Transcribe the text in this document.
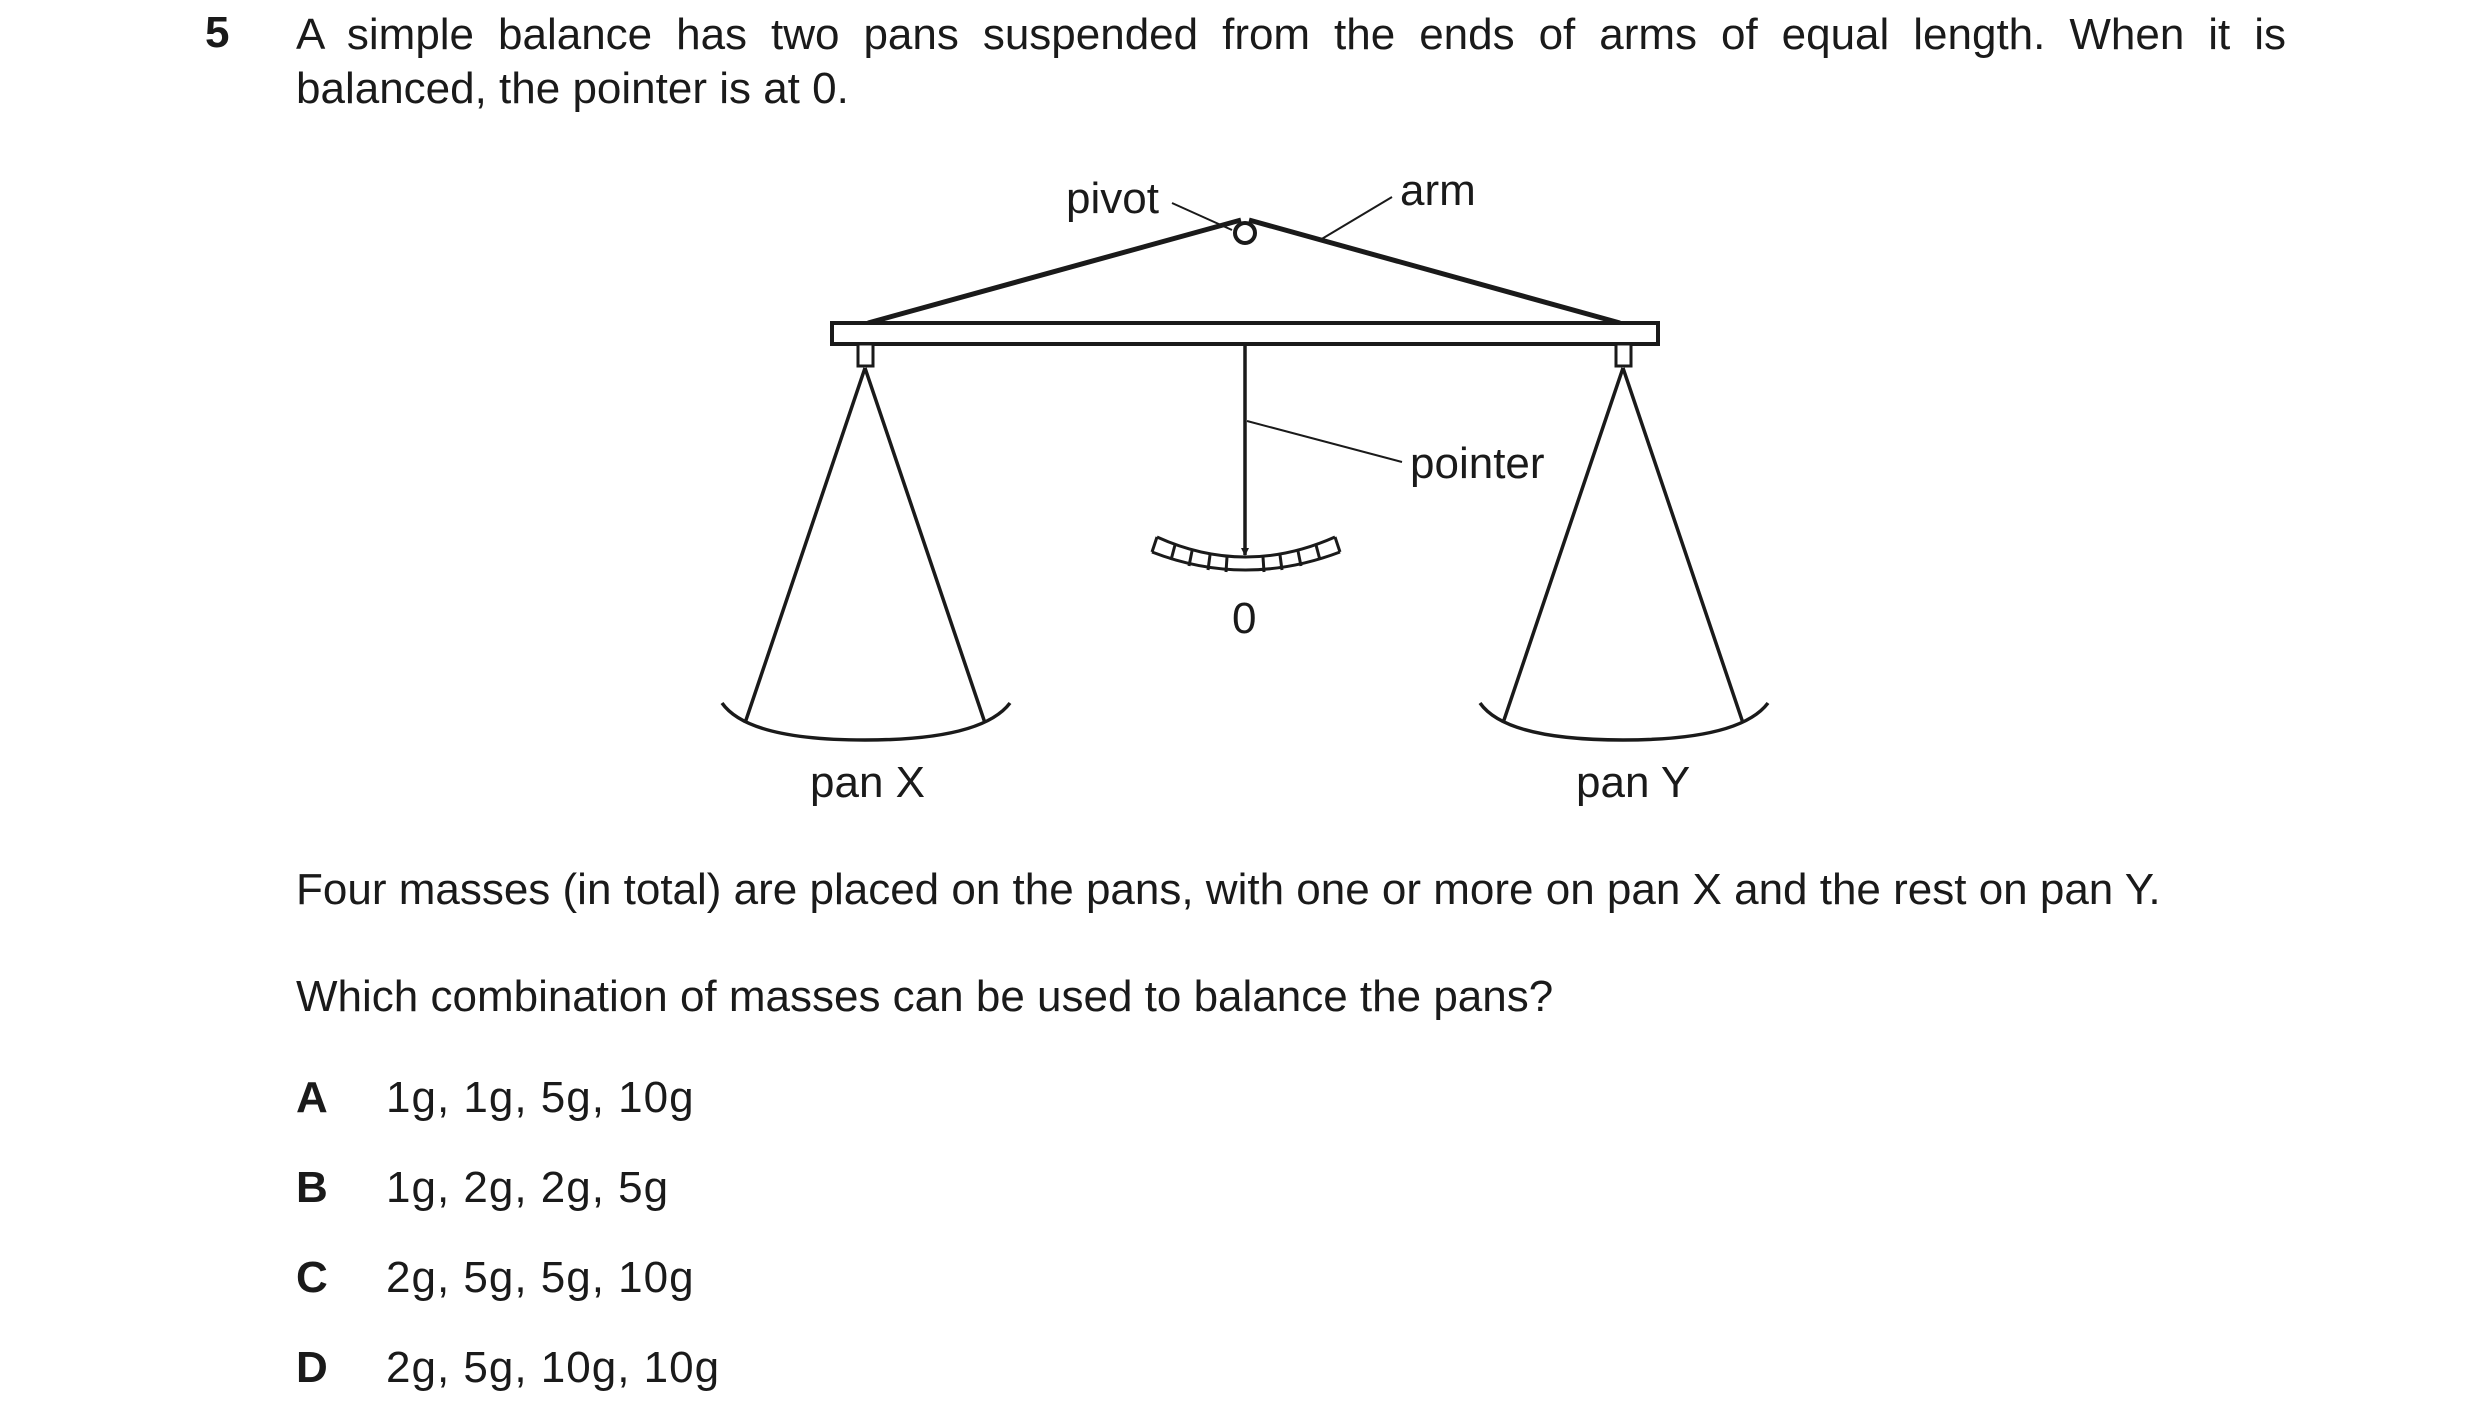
5 A simple balance has two pans suspended from the ends of arms of equal length. When it is balanced, the pointer is at 0.
pivot	arm
pointer
0
pan X	pan Y
Four masses (in total) are placed on the pans, with one or more on pan X and the rest on pan Y.
Which combination of masses can be used to balance the pans?
A 1g, 1g, 5g, 10g
B 1g, 2g, 2g, 5g
C 2g, 5g, 5g, 10g
D 2g, 5g, 10g, 10g
